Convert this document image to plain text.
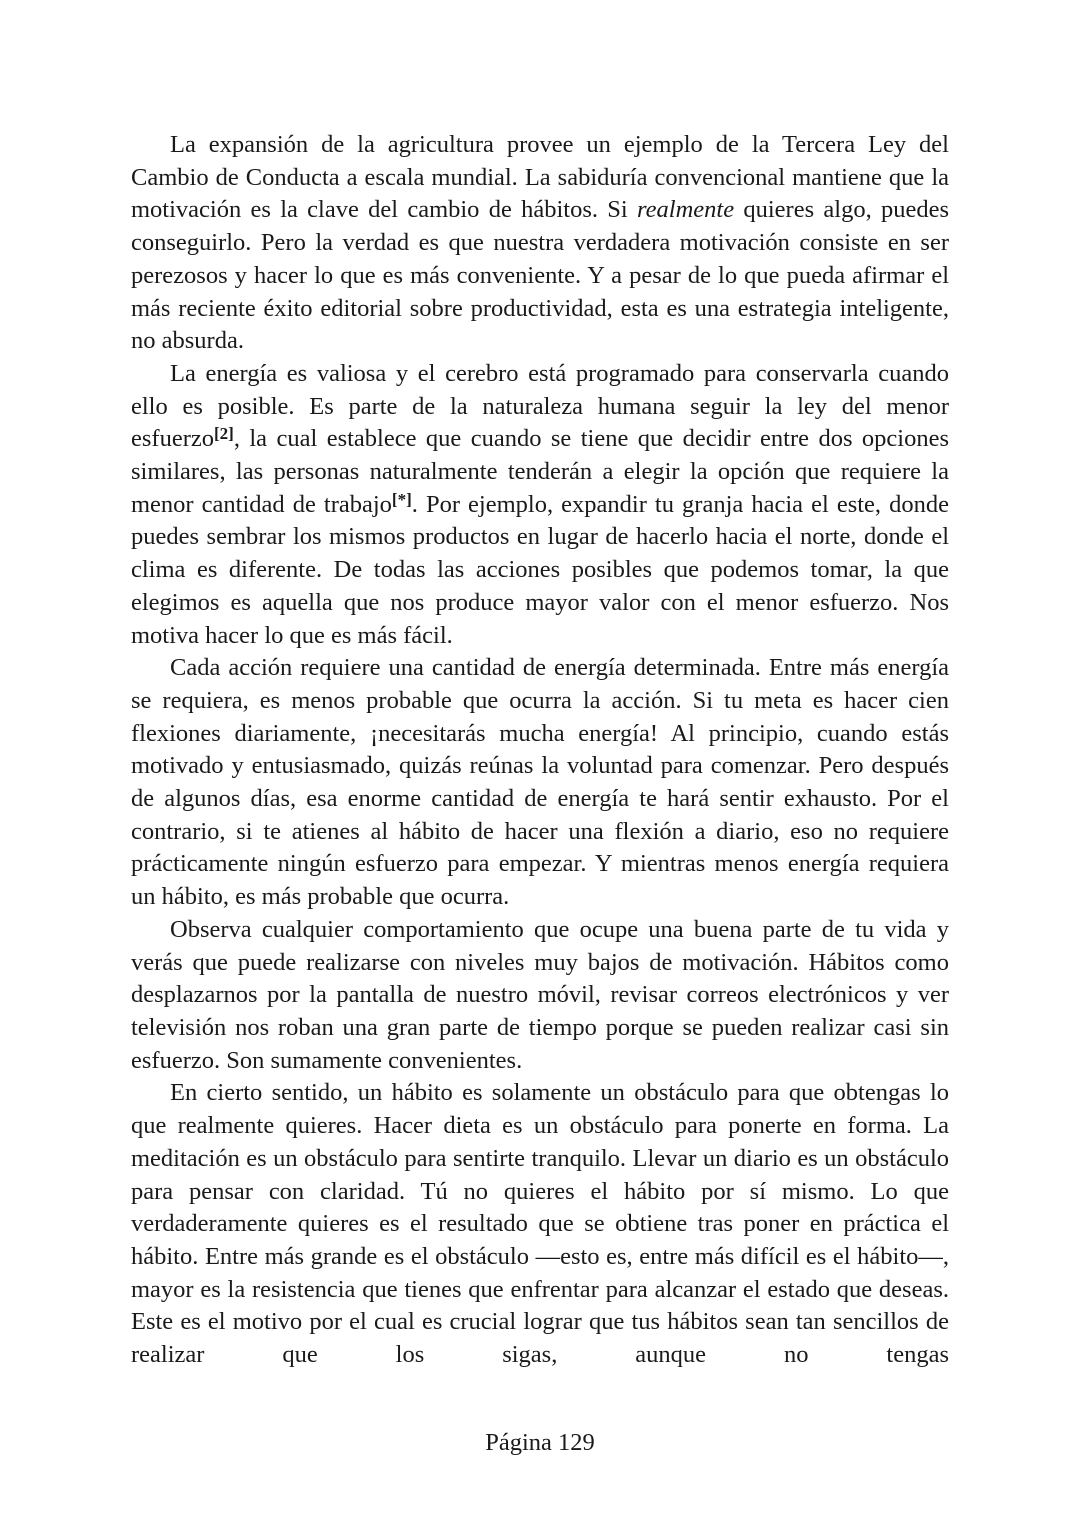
La expansión de la agricultura provee un ejemplo de la Tercera Ley del Cambio de Conducta a escala mundial. La sabiduría convencional mantiene que la motivación es la clave del cambio de hábitos. Si realmente quieres algo, puedes conseguirlo. Pero la verdad es que nuestra verdadera motivación consiste en ser perezosos y hacer lo que es más conveniente. Y a pesar de lo que pueda afirmar el más reciente éxito editorial sobre productividad, esta es una estrategia inteligente, no absurda.

La energía es valiosa y el cerebro está programado para conservarla cuando ello es posible. Es parte de la naturaleza humana seguir la ley del menor esfuerzo[2], la cual establece que cuando se tiene que decidir entre dos opciones similares, las personas naturalmente tenderán a elegir la opción que requiere la menor cantidad de trabajo[*]. Por ejemplo, expandir tu granja hacia el este, donde puedes sembrar los mismos productos en lugar de hacerlo hacia el norte, donde el clima es diferente. De todas las acciones posibles que podemos tomar, la que elegimos es aquella que nos produce mayor valor con el menor esfuerzo. Nos motiva hacer lo que es más fácil.

Cada acción requiere una cantidad de energía determinada. Entre más energía se requiera, es menos probable que ocurra la acción. Si tu meta es hacer cien flexiones diariamente, ¡necesitarás mucha energía! Al principio, cuando estás motivado y entusiasmado, quizás reúnas la voluntad para comenzar. Pero después de algunos días, esa enorme cantidad de energía te hará sentir exhausto. Por el contrario, si te atienes al hábito de hacer una flexión a diario, eso no requiere prácticamente ningún esfuerzo para empezar. Y mientras menos energía requiera un hábito, es más probable que ocurra.

Observa cualquier comportamiento que ocupe una buena parte de tu vida y verás que puede realizarse con niveles muy bajos de motivación. Hábitos como desplazarnos por la pantalla de nuestro móvil, revisar correos electrónicos y ver televisión nos roban una gran parte de tiempo porque se pueden realizar casi sin esfuerzo. Son sumamente convenientes.

En cierto sentido, un hábito es solamente un obstáculo para que obtengas lo que realmente quieres. Hacer dieta es un obstáculo para ponerte en forma. La meditación es un obstáculo para sentirte tranquilo. Llevar un diario es un obstáculo para pensar con claridad. Tú no quieres el hábito por sí mismo. Lo que verdaderamente quieres es el resultado que se obtiene tras poner en práctica el hábito. Entre más grande es el obstáculo —esto es, entre más difícil es el hábito—, mayor es la resistencia que tienes que enfrentar para alcanzar el estado que deseas. Este es el motivo por el cual es crucial lograr que tus hábitos sean tan sencillos de realizar que los sigas, aunque no tengas

Página 129
